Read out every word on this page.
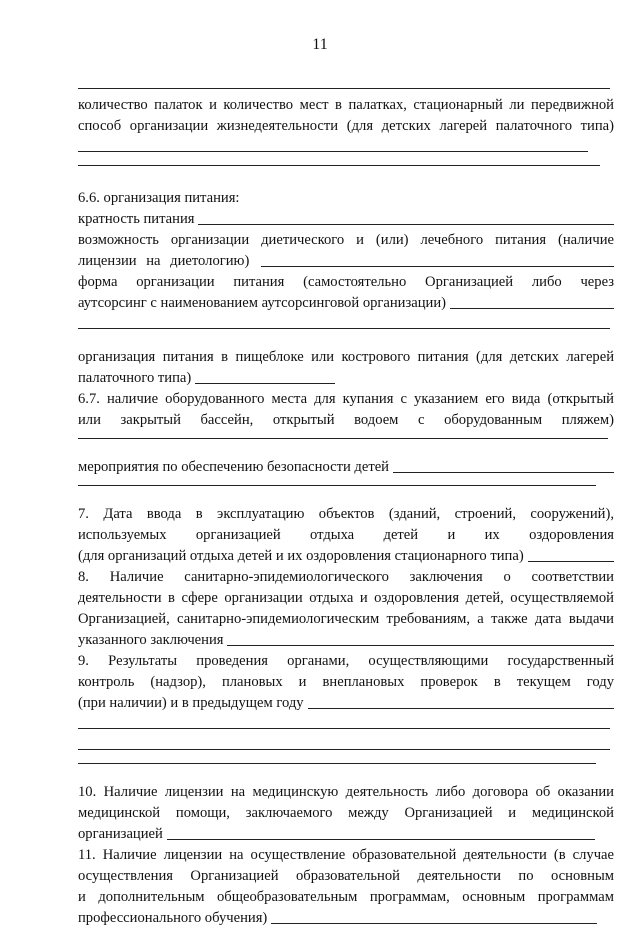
11
количество палаток и количество мест в палатках, стационарный ли передвижной
способ организации жизнедеятельности (для детских лагерей палаточного типа)
6.6. организация питания:
кратность питания
возможность организации диетического и (или) лечебного питания (наличие
лицензии на диетологию)
форма организации питания (самостоятельно Организацией либо через
аутсорсинг с наименованием аутсорсинговой организации)
организация питания в пищеблоке или кострового питания (для детских лагерей
палаточного типа)
6.7. наличие оборудованного места для купания с указанием его вида (открытый
или закрытый бассейн, открытый водоем с оборудованным пляжем)
мероприятия по обеспечению безопасности детей
7. Дата ввода в эксплуатацию объектов (зданий, строений, сооружений),
используемых организацией отдыха детей и их оздоровления
(для организаций отдыха детей и их оздоровления стационарного типа)
8. Наличие санитарно-эпидемиологического заключения о соответствии
деятельности в сфере организации отдыха и оздоровления детей, осуществляемой
Организацией, санитарно-эпидемиологическим требованиям, а также дата выдачи
указанного заключения
9. Результаты проведения органами, осуществляющими государственный
контроль (надзор), плановых и внеплановых проверок в текущем году
(при наличии) и в предыдущем году
10. Наличие лицензии на медицинскую деятельность либо договора об оказании
медицинской помощи, заключаемого между Организацией и медицинской
организацией
11. Наличие лицензии на осуществление образовательной деятельности (в случае
осуществления Организацией образовательной деятельности по основным
и дополнительным общеобразовательным программам, основным программам
профессионального обучения)
